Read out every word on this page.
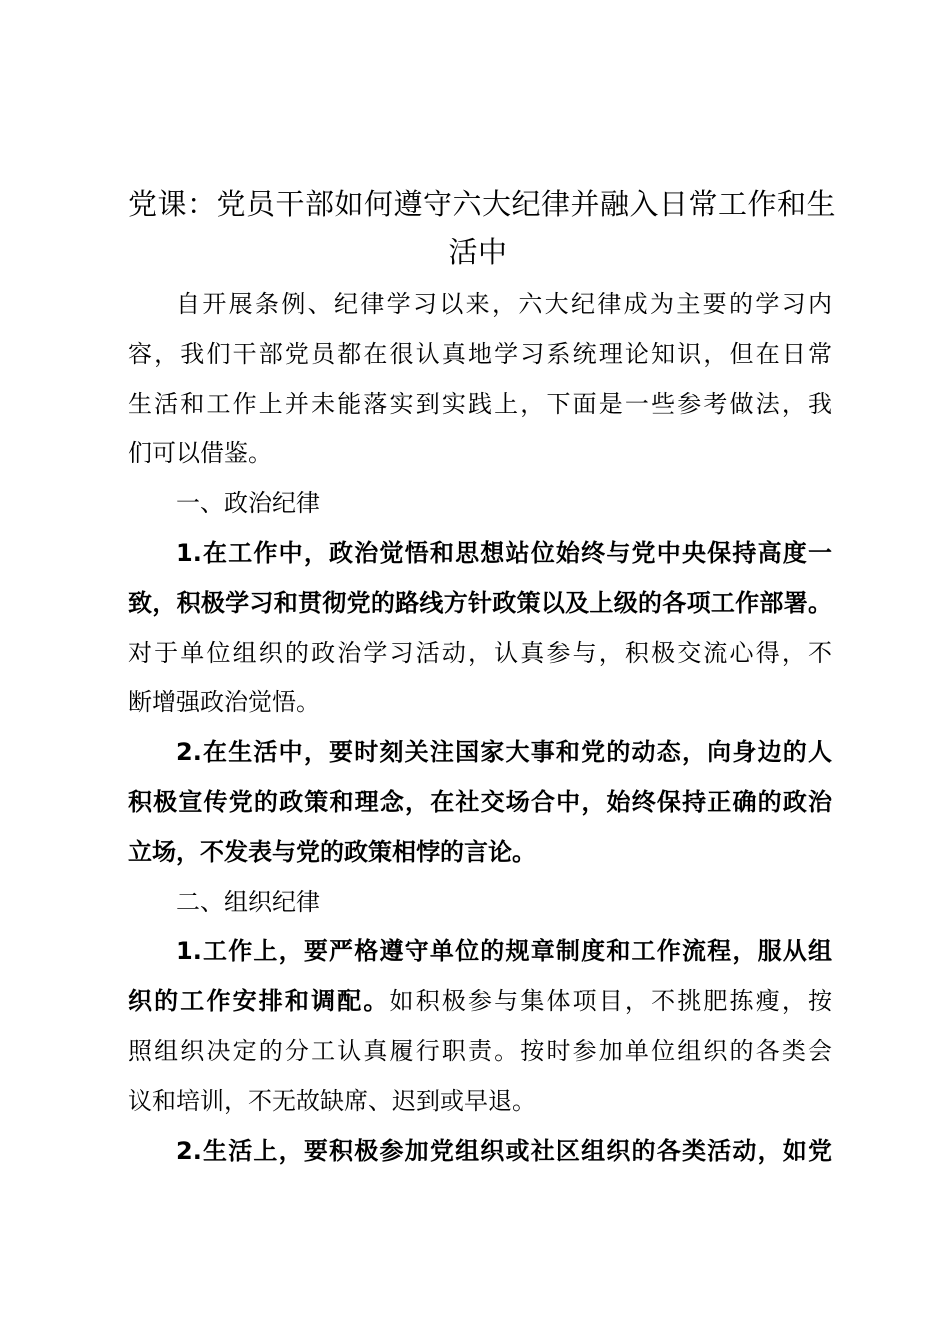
党课：党员干部如何遵守六大纪律并融入日常工作和生
活中

自开展条例、纪律学习以来，六大纪律成为主要的学习内
容，我们干部党员都在很认真地学习系统理论知识，但在日常
生活和工作上并未能落实到实践上，下面是一些参考做法，我
们可以借鉴。

一、政治纪律

1.在工作中，政治觉悟和思想站位始终与党中央保持高度一
致，积极学习和贯彻党的路线方针政策以及上级的各项工作部署。
对于单位组织的政治学习活动，认真参与，积极交流心得，不
断增强政治觉悟。

2.在生活中，要时刻关注国家大事和党的动态，向身边的人
积极宣传党的政策和理念，在社交场合中，始终保持正确的政治
立场，不发表与党的政策相悖的言论。

二、组织纪律

1.工作上，要严格遵守单位的规章制度和工作流程，服从组
织的工作安排和调配。如积极参与集体项目，不挑肥拣瘦，按
照组织决定的分工认真履行职责。按时参加单位组织的各类会
议和培训，不无故缺席、迟到或早退。

2.生活上，要积极参加党组织或社区组织的各类活动，如党
